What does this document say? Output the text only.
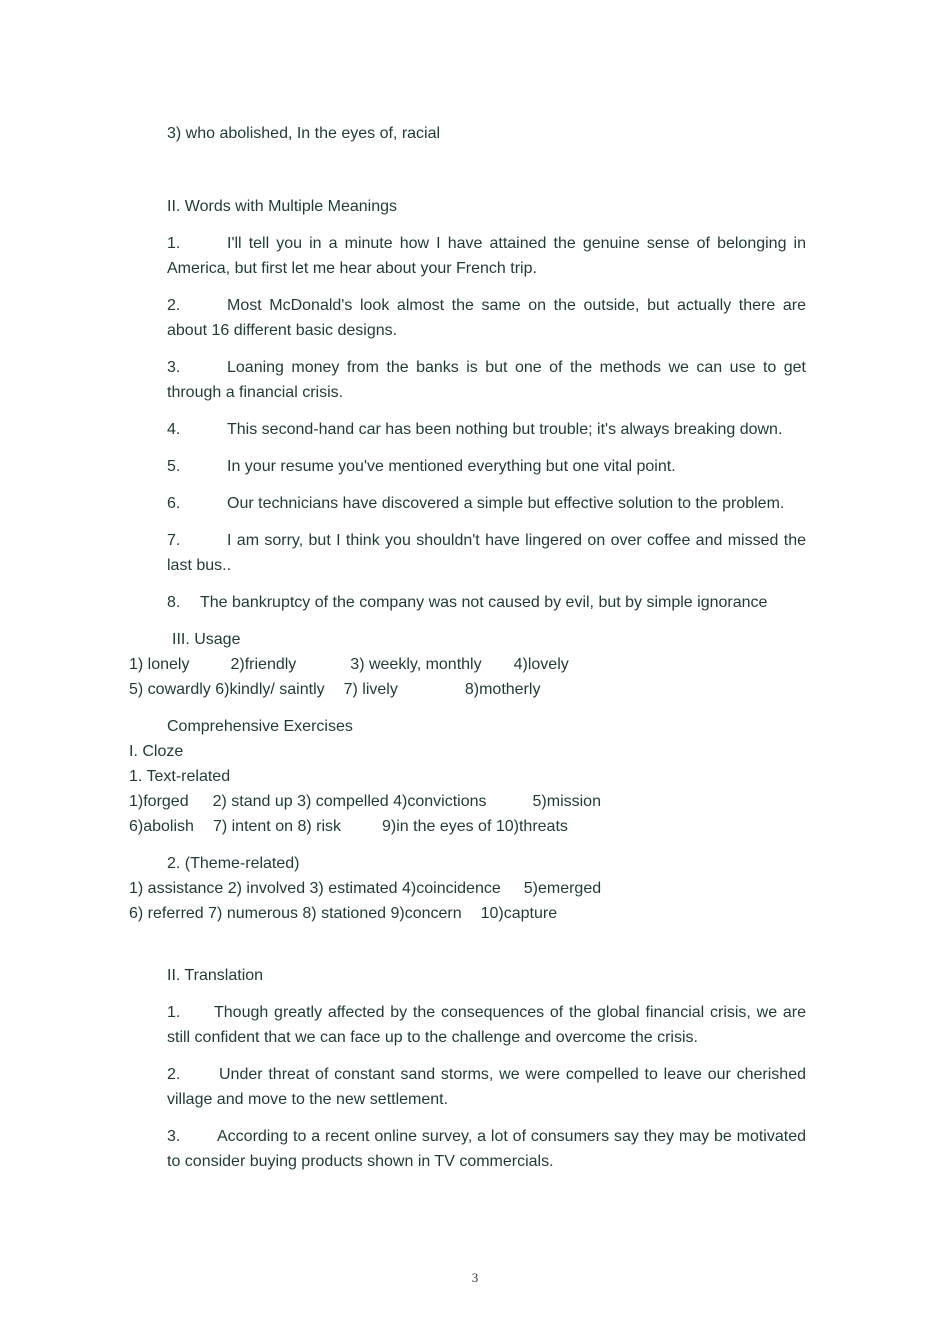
3) who abolished, In the eyes of, racial

II. Words with Multiple Meanings

1.	I'll tell you in a minute how I have attained the genuine sense of belonging in America, but first let me hear about your French trip.

2.	Most McDonald's look almost the same on the outside, but actually there are about 16 different basic designs.

3.	Loaning money from the banks is but one of the methods we can use to get through a financial crisis.

4.	This second-hand car has been nothing but trouble; it's always breaking down.

5.	In your resume you've mentioned everything but one vital point.

6.	Our technicians have discovered a simple but effective solution to the problem.

7.	I am sorry, but I think you shouldn't have lingered on over coffee and missed the last bus..

8. The bankruptcy of the company was not caused by evil, but by simple ignorance

III. Usage

1) lonely	2)friendly	3) weekly, monthly 4)lovely

5) cowardly 6)kindly/ saintly 7) lively	8)motherly

Comprehensive Exercises

I. Cloze

1. Text-related

1)forged 2) stand up 3) compelled 4)convictions	5)mission

6)abolish 7) intent on 8) risk	9)in the eyes of 10)threats

2. (Theme-related)

1) assistance 2) involved 3) estimated 4)coincidence 5)emerged

6) referred 7) numerous 8) stationed 9)concern 10)capture

II. Translation

1. Though greatly affected by the consequences of the global financial crisis, we are still confident that we can face up to the challenge and overcome the crisis.

2. Under threat of constant sand storms, we were compelled to leave our cherished village and move to the new settlement.

3. According to a recent online survey, a lot of consumers say they may be motivated to consider buying products shown in TV commercials.

3
